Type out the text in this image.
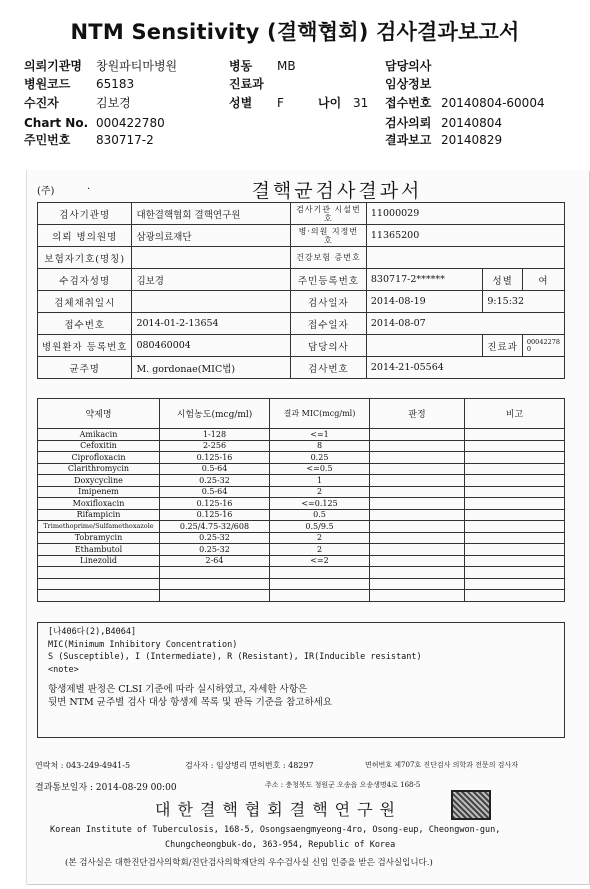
NTM Sensitivity (결핵협회) 검사결과보고서
의뢰기관명 창원파티마병원	병동 MB	담당의사
병원코드 65183	진료과	임상정보
수진자	김보경	성별 F	나이 31 접수번호 20140804-60004
Chart No. 000422780	검사의뢰 20140804
주민번호 830717-2	결과보고 20140829
(주)	·	결핵균검사결과서
검사기관명	대한결핵협회 결핵연구원	검사기관 시설번호	11000029		
의뢰 병의원명	삼광의료재단	병·의원 지정번호	11365200		
보험자기호(명칭)		건강보험 증번호			
수검자성명	김보경	주민등록번호	830717-2******	성별	여
검체채취일시		검사일자	2014-08-19	9:15:32	
접수번호	2014-01-2-13654	접수일자	2014-08-07		
병원환자 등록번호	080460004	담당의사		진료과	00042278 0
균주명	M. gordonae(MIC법)	검사번호	2014-21-05564		
약제명	시험농도(mcg/ml)	결과 MIC(mcg/ml)	판정	비고
Amikacin	1-128	<=1		
Cefoxitin	2-256	8		
Ciprofloxacin	0.125-16	0.25		
Clarithromycin	0.5-64	<=0.5		
Doxycycline	0.25-32	1		
Imipenem	0.5-64	2		
Moxifloxacin	0.125-16	<=0.125		
Rifampicin	0.125-16	0.5		
Trimethoprime/Sulfamethoxazole	0.25/4.75-32/608	0.5/9.5		
Tobramycin	0.25-32	2		
Ethambutol	0.25-32	2		
Linezolid	2-64	<=2		

[나406다(2),B4064]
MIC(Minimum Inhibitory Concentration)
S (Susceptible), I (Intermediate), R (Resistant), IR(Inducible resistant)
<note>
항생제별 판정은 CLSI 기준에 따라 실시하였고, 자세한 사항은
뒷면 NTM 균주별 검사 대상 항생제 목록 및 판독 기준을 참고하세요
연락처 : 043-249-4941-5	검사자 : 임상병리 면허번호 : 48297	면허번호 제707호 진단검사 의학과 전문의 검사자
결과통보일자 : 2014-08-29 00:00	주소 : 충청북도 청원군 오송읍 오송생명4로 168-5
대한결핵협회결핵연구원
Korean Institute of Tuberculosis, 168-5, Osongsaengmyeong-4ro, Osong-eup, Cheongwon-gun,
Chungcheongbuk-do, 363-954, Republic of Korea
(본 검사실은 대한진단검사의학회/진단검사의학재단의 우수검사실 신임 인증을 받은 검사실입니다.)
